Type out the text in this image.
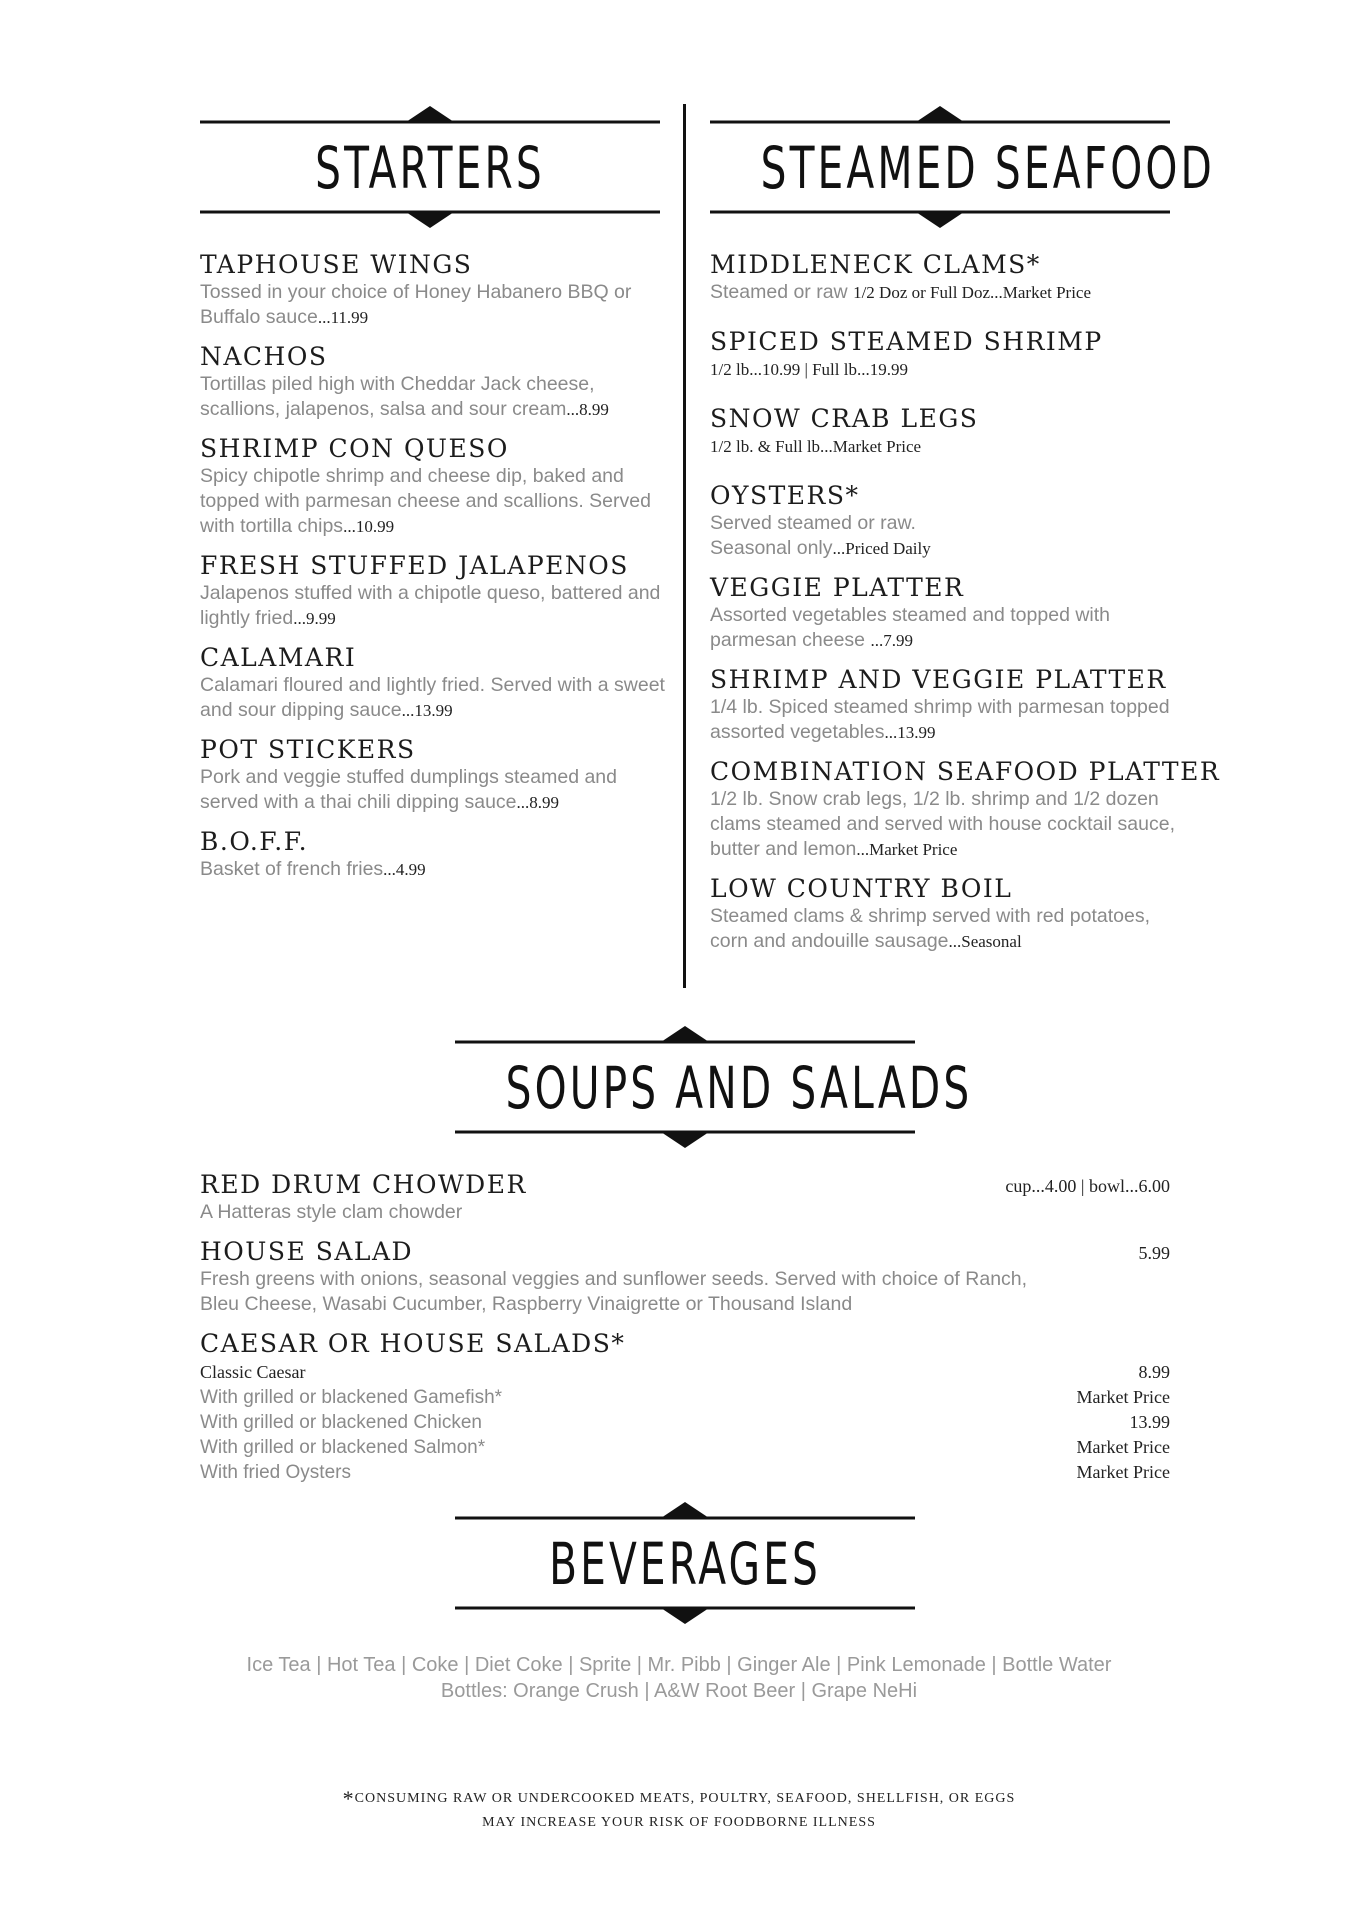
STARTERS	STEAMED SEAFOOD
TAPHOUSE WINGS
Tossed in your choice of Honey Habanero BBQ or Buffalo sauce...11.99
NACHOS
Tortillas piled high with Cheddar Jack cheese, scallions, jalapenos, salsa and sour cream...8.99
SHRIMP CON QUESO
Spicy chipotle shrimp and cheese dip, baked and topped with parmesan cheese and scallions. Served with tortilla chips...10.99
FRESH STUFFED JALAPENOS
Jalapenos stuffed with a chipotle queso, battered and lightly fried...9.99
CALAMARI
Calamari floured and lightly fried. Served with a sweet and sour dipping sauce...13.99
POT STICKERS
Pork and veggie stuffed dumplings steamed and served with a thai chili dipping sauce...8.99
B.O.F.F.
Basket of french fries...4.99
MIDDLENECK CLAMS*
Steamed or raw 1/2 Doz or Full Doz...Market Price
SPICED STEAMED SHRIMP
1/2 lb...10.99 | Full lb...19.99
SNOW CRAB LEGS
1/2 lb. & Full lb...Market Price
OYSTERS*
Served steamed or raw. Seasonal only...Priced Daily
VEGGIE PLATTER
Assorted vegetables steamed and topped with parmesan cheese ...7.99
SHRIMP AND VEGGIE PLATTER
1/4 lb. Spiced steamed shrimp with parmesan topped assorted vegetables...13.99
COMBINATION SEAFOOD PLATTER
1/2 lb. Snow crab legs, 1/2 lb. shrimp and 1/2 dozen clams steamed and served with house cocktail sauce, butter and lemon...Market Price
LOW COUNTRY BOIL
Steamed clams & shrimp served with red potatoes, corn and andouille sausage...Seasonal
SOUPS AND SALADS
RED DRUM CHOWDER
A Hatteras style clam chowder
cup...4.00 | bowl...6.00
HOUSE SALAD
Fresh greens with onions, seasonal veggies and sunflower seeds. Served with choice of Ranch, Bleu Cheese, Wasabi Cucumber, Raspberry Vinaigrette or Thousand Island
5.99
CAESAR OR HOUSE SALADS*
Classic Caesar	8.99
With grilled or blackened Gamefish*	Market Price
With grilled or blackened Chicken	13.99
With grilled or blackened Salmon*	Market Price
With fried Oysters	Market Price
BEVERAGES
Ice Tea | Hot Tea | Coke | Diet Coke | Sprite | Mr. Pibb | Ginger Ale | Pink Lemonade | Bottle Water
Bottles: Orange Crush | A&W Root Beer | Grape NeHi
*CONSUMING RAW OR UNDERCOOKED MEATS, POULTRY, SEAFOOD, SHELLFISH, OR EGGS
MAY INCREASE YOUR RISK OF FOODBORNE ILLNESS
